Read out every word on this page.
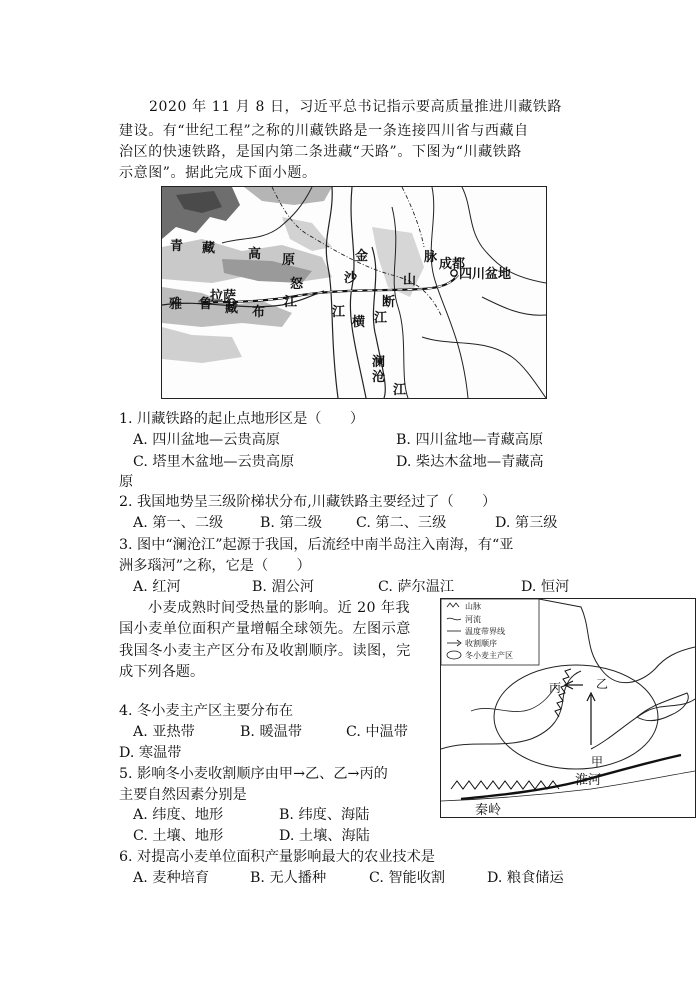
2020 年 11 月 8 日，习近平总书记指示要高质量推进川藏铁路
建设。有“世纪工程”之称的川藏铁路是一条连接四川省与西藏自
治区的快速铁路，是国内第二条进藏“天路”。下图为“川藏铁路
示意图”。据此完成下面小题。
青 藏	高 原	金	脉 成都
沙	山	四川盆地
怒
拉萨
雅 鲁 藏 布
江	断
江 江
横
澜
沧
江
1. 川藏铁路的起止点地形区是（　　）
A. 四川盆地—云贵高原	B. 四川盆地—青藏高原
C. 塔里木盆地—云贵高原	D. 柴达木盆地—青藏高
原
2. 我国地势呈三级阶梯状分布,川藏铁路主要经过了（　　）
A. 第一、二级	B. 第二级 C. 第二、三级	D. 第三级
3. 图中“澜沧江”起源于我国，后流经中南半岛注入南海，有“亚
洲多瑙河”之称，它是（　　）
A. 红河	B. 湄公河	C. 萨尔温江	D. 恒河
小麦成熟时间受热量的影响。近 20 年我
国小麦单位面积产量增幅全球领先。左图示意
我国冬小麦主产区分布及收割顺序。读图，完
成下列各题。
山脉
河流
温度带界线
收割顺序
冬小麦主产区
丙	乙
甲
淮河
秦岭
4. 冬小麦主产区主要分布在
A. 亚热带	B. 暖温带	C. 中温带
D. 寒温带
5. 影响冬小麦收割顺序由甲→乙、乙→丙的
主要自然因素分别是
A. 纬度、地形	B. 纬度、海陆
C. 土壤、地形	D. 土壤、海陆
6. 对提高小麦单位面积产量影响最大的农业技术是
A. 麦种培育	B. 无人播种	C. 智能收割	D. 粮食储运
